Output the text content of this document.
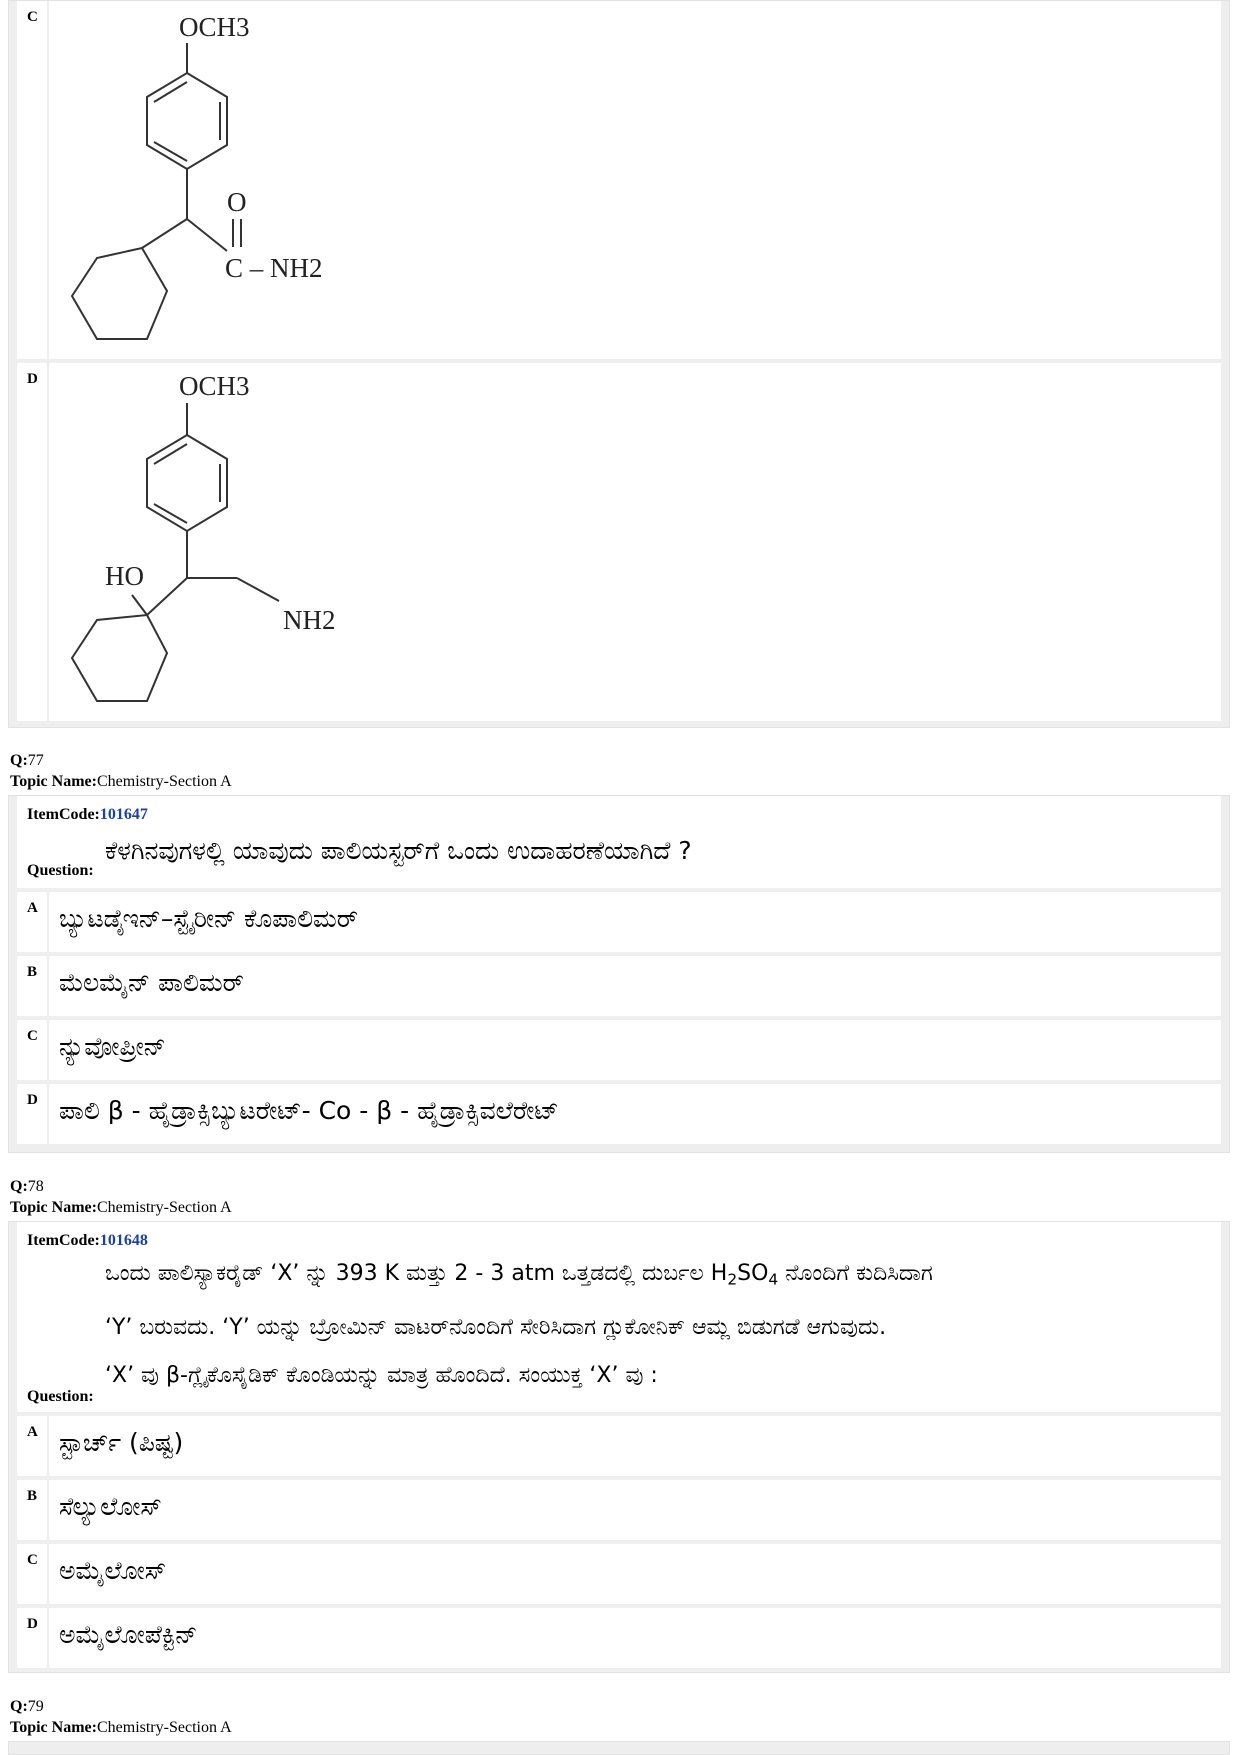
C	OCH3
O
C – NH2
D	OCH3
HO
NH2
Q:77
Topic Name:Chemistry-Section A
ItemCode:101647
ಕೆಳಗಿನವುಗಳಲ್ಲಿ ಯಾವುದು ಪಾಲಿಯಸ್ಟರ್‌ಗೆ ಒಂದು ಉದಾಹರಣೆಯಾಗಿದೆ ?
Question:
A ಬ್ಯುಟಡೈಇನ್–ಸ್ಟೈರೀನ್ ಕೊಪಾಲಿಮರ್
B ಮೆಲಮೈನ್ ಪಾಲಿಮರ್
C ನ್ಯುವೋಪ್ರೀನ್
D ಪಾಲಿ β - ಹೈಡ್ರಾಕ್ಸಿಬ್ಯುಟರೇಟ್- Co - β - ಹೈಡ್ರಾಕ್ಸಿವಲೆರೇಟ್
Q:78
Topic Name:Chemistry-Section A
ItemCode:101648
ಒಂದು ಪಾಲಿಸ್ಯಾಕರೈಡ್ ‘X’ ನ್ನು 393 K ಮತ್ತು 2 - 3 atm ಒತ್ತಡದಲ್ಲಿ ದುರ್ಬಲ $H_2SO_4$ ನೊಂದಿಗೆ ಕುದಿಸಿದಾಗ
‘Y’ ಬರುವದು. ‘Y’ ಯನ್ನು ಬ್ರೋಮಿನ್ ವಾಟರ್‌ನೊಂದಿಗೆ ಸೇರಿಸಿದಾಗ ಗ್ಲುಕೋನಿಕ್ ಆಮ್ಲ ಬಿಡುಗಡೆ ಆಗುವುದು.
‘X’ ವು β-ಗ್ಲೈಕೊಸೈಡಿಕ್ ಕೊಂಡಿಯನ್ನು ಮಾತ್ರ ಹೊಂದಿದೆ. ಸಂಯುಕ್ತ ‘X’ ವು :
Question:
A ಸ್ಟಾರ್ಚ್ (ಪಿಷ್ಟ)
B ಸೆಲ್ಯುಲೋಸ್
C ಅಮೈಲೋಸ್
D ಅಮೈಲೋಪೆಕ್ಟಿನ್
Q:79
Topic Name:Chemistry-Section A
